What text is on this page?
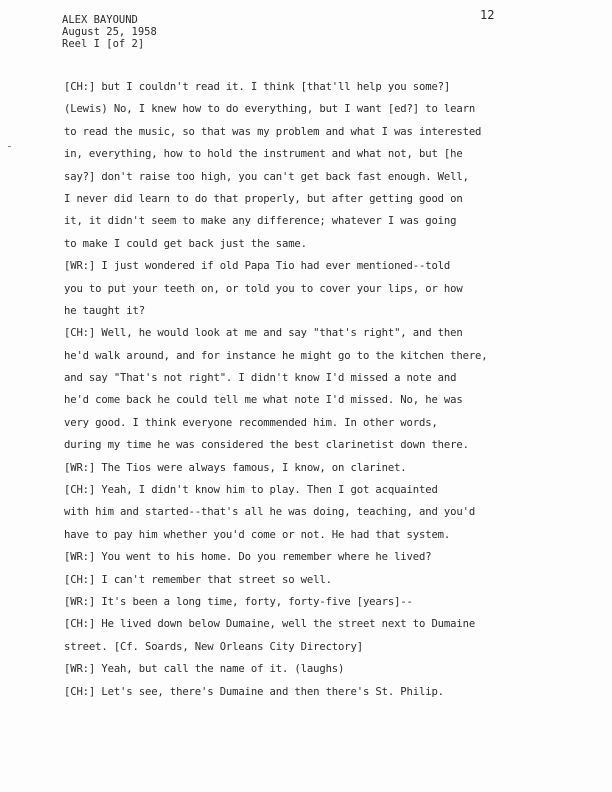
12
ALEX BAYOUND
August 25, 1958
Reel I [of 2]
[CH:] but I couldn't read it. I think [that'll help you some?]
(Lewis) No, I knew how to do everything, but I want [ed?] to learn
to read the music, so that was my problem and what I was interested
in, everything, how to hold the instrument and what not, but [he
say?] don't raise too high, you can't get back fast enough. Well,
I never did learn to do that properly, but after getting good on
it, it didn't seem to make any difference; whatever I was going
to make I could get back just the same.
[WR:] I just wondered if old Papa Tio had ever mentioned--told
you to put your teeth on, or told you to cover your lips, or how
he taught it?
[CH:] Well, he would look at me and say "that's right", and then
he'd walk around, and for instance he might go to the kitchen there,
and say "That's not right". I didn't know I'd missed a note and
he'd come back he could tell me what note I'd missed. No, he was
very good. I think everyone recommended him. In other words,
during my time he was considered the best clarinetist down there.
[WR:] The Tios were always famous, I know, on clarinet.
[CH:] Yeah, I didn't know him to play. Then I got acquainted
with him and started--that's all he was doing, teaching, and you'd
have to pay him whether you'd come or not. He had that system.
[WR:] You went to his home. Do you remember where he lived?
[CH:] I can't remember that street so well.
[WR:] It's been a long time, forty, forty-five [years]--
[CH:] He lived down below Dumaine, well the street next to Dumaine
street. [Cf. Soards, New Orleans City Directory]
[WR:] Yeah, but call the name of it. (laughs)
[CH:] Let's see, there's Dumaine and then there's St. Philip.
